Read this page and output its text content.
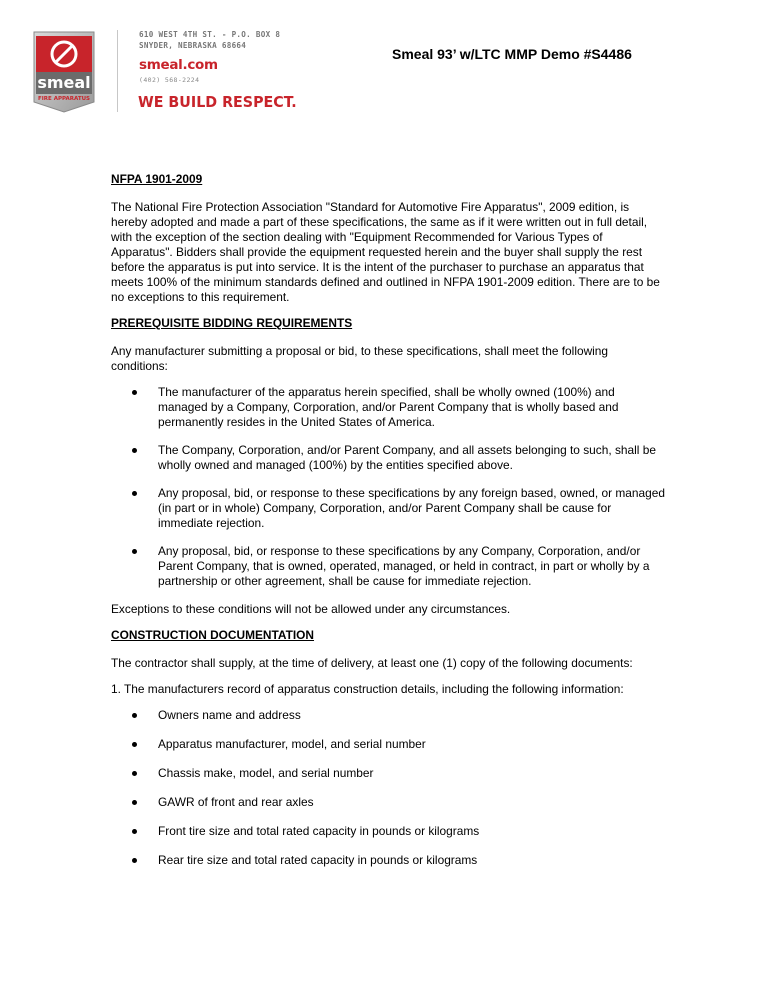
smeal
FIRE APPARATUS
610 WEST 4TH ST. - P.O. BOX 8
SNYDER, NEBRASKA 68664
smeal.com
(402) 568-2224
WE BUILD RESPECT.
Smeal 93’ w/LTC MMP Demo #S4486
NFPA 1901-2009

The National Fire Protection Association "Standard for Automotive Fire Apparatus", 2009 edition, is hereby adopted and made a part of these specifications, the same as if it were written out in full detail, with the exception of the section dealing with "Equipment Recommended for Various Types of Apparatus". Bidders shall provide the equipment requested herein and the buyer shall supply the rest before the apparatus is put into service. It is the intent of the purchaser to purchase an apparatus that meets 100% of the minimum standards defined and outlined in NFPA 1901-2009 edition. There are to be no exceptions to this requirement.

PREREQUISITE BIDDING REQUIREMENTS

Any manufacturer submitting a proposal or bid, to these specifications, shall meet the following conditions:

The manufacturer of the apparatus herein specified, shall be wholly owned (100%) and managed by a Company, Corporation, and/or Parent Company that is wholly based and permanently resides in the United States of America.
The Company, Corporation, and/or Parent Company, and all assets belonging to such, shall be wholly owned and managed (100%) by the entities specified above.
Any proposal, bid, or response to these specifications by any foreign based, owned, or managed (in part or in whole) Company, Corporation, and/or Parent Company shall be cause for immediate rejection.
Any proposal, bid, or response to these specifications by any Company, Corporation, and/or Parent Company, that is owned, operated, managed, or held in contract, in part or wholly by a partnership or other agreement, shall be cause for immediate rejection.

Exceptions to these conditions will not be allowed under any circumstances.

CONSTRUCTION DOCUMENTATION

The contractor shall supply, at the time of delivery, at least one (1) copy of the following documents:

1. The manufacturers record of apparatus construction details, including the following information:

Owners name and address
Apparatus manufacturer, model, and serial number
Chassis make, model, and serial number
GAWR of front and rear axles
Front tire size and total rated capacity in pounds or kilograms
Rear tire size and total rated capacity in pounds or kilograms
